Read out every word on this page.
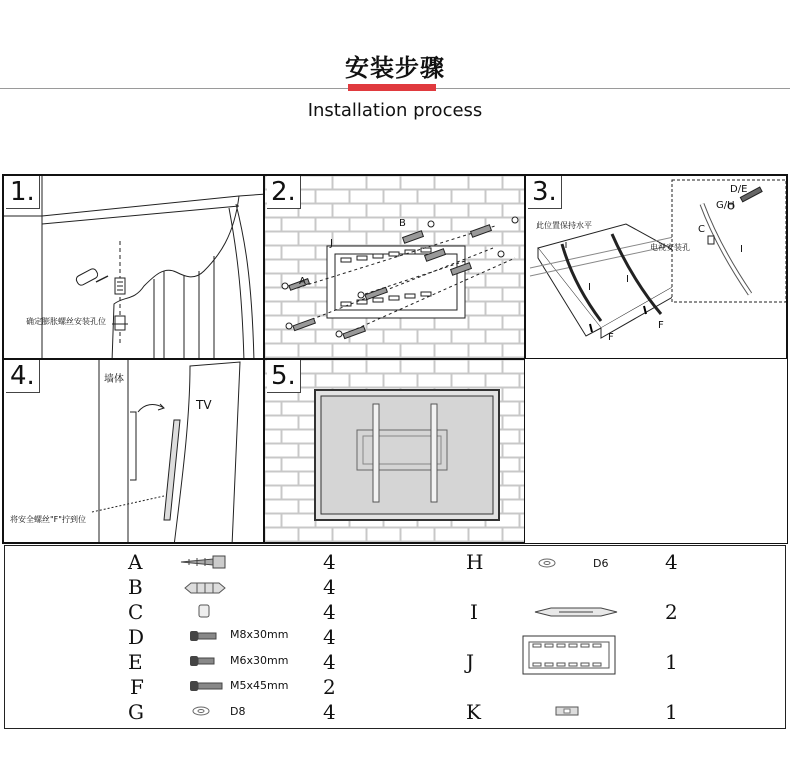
安装步骤
Installation process
确定膨胀螺丝安装孔位
1.
A
B
J
2.
此位置保持水平
电视安装孔
D/E
G/H
C
I
I
I
F
F
3.
墙体
TV
将安全螺丝"F"拧到位
4.	5.
A	4
B	4
C	4
D	M8x30mm 4
E	M6x30mm 4
F	M5x45mm 2
G	D8	4
H	D6	4
I	2
J	1
K	1
